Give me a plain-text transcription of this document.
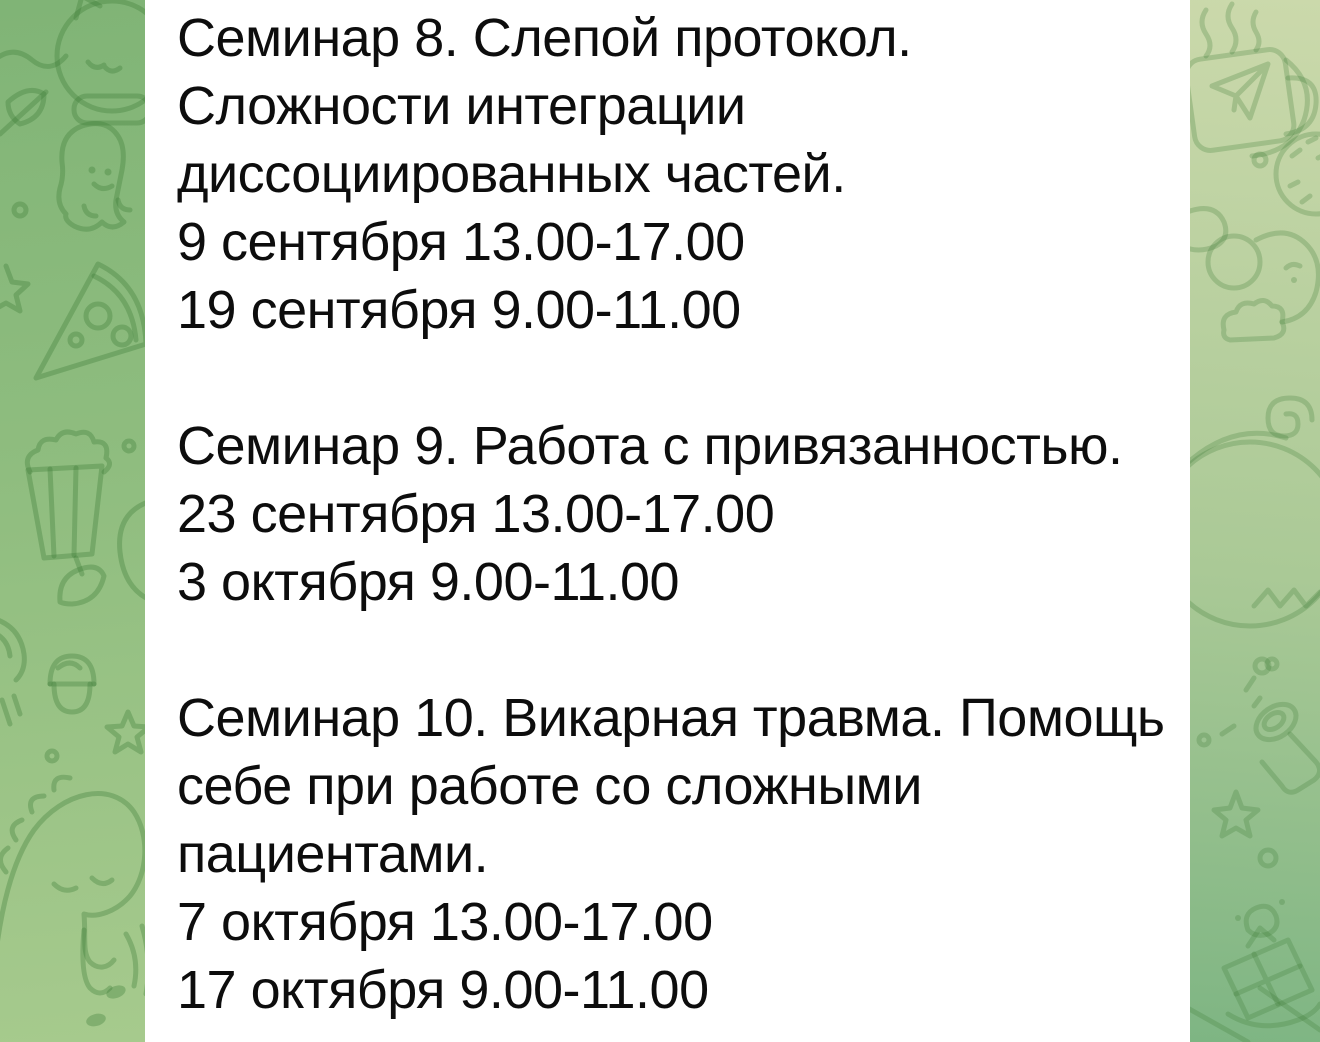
Семинар 8. Слепой протокол.
Сложности интеграции
диссоциированных частей.
9 сентября 13.00-17.00
19 сентября 9.00-11.00
Семинар 9. Работа с привязанностью.
23 сентября 13.00-17.00
3 октября 9.00-11.00
Семинар 10. Викарная травма. Помощь
себе при работе со сложными
пациентами.
7 октября 13.00-17.00
17 октября 9.00-11.00
